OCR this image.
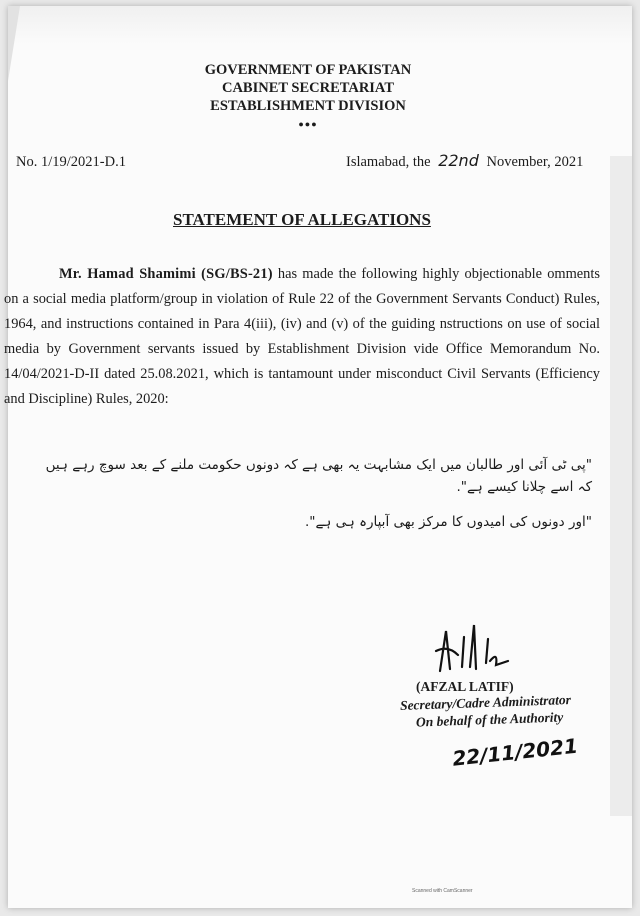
GOVERNMENT OF PAKISTAN
CABINET SECRETARIAT
ESTABLISHMENT DIVISION
●●●
No. 1/19/2021-D.1	Islamabad, the 22nd November, 2021
STATEMENT OF ALLEGATIONS
Mr. Hamad Shamimi (SG/BS-21) has made the following highly objectionable omments on a social media platform/group in violation of Rule 22 of the Government Servants Conduct) Rules, 1964, and instructions contained in Para 4(iii), (iv) and (v) of the guiding nstructions on use of social media by Government servants issued by Establishment Division vide Office Memorandum No. 14/04/2021-D-II dated 25.08.2021, which is tantamount under misconduct Civil Servants (Efficiency and Discipline) Rules, 2020:
"پی ٹی آئی اور طالبان میں ایک مشابہت یہ بھی ہے کہ دونوں حکومت ملنے کے بعد سوچ رہے ہیں کہ اسے چلانا کیسے ہے".
"اور دونوں کی امیدوں کا مرکز بھی آبپارہ ہی ہے".
(AFZAL LATIF)
Secretary/Cadre Administrator
On behalf of the Authority
22/11/2021
Scanned with CamScanner
